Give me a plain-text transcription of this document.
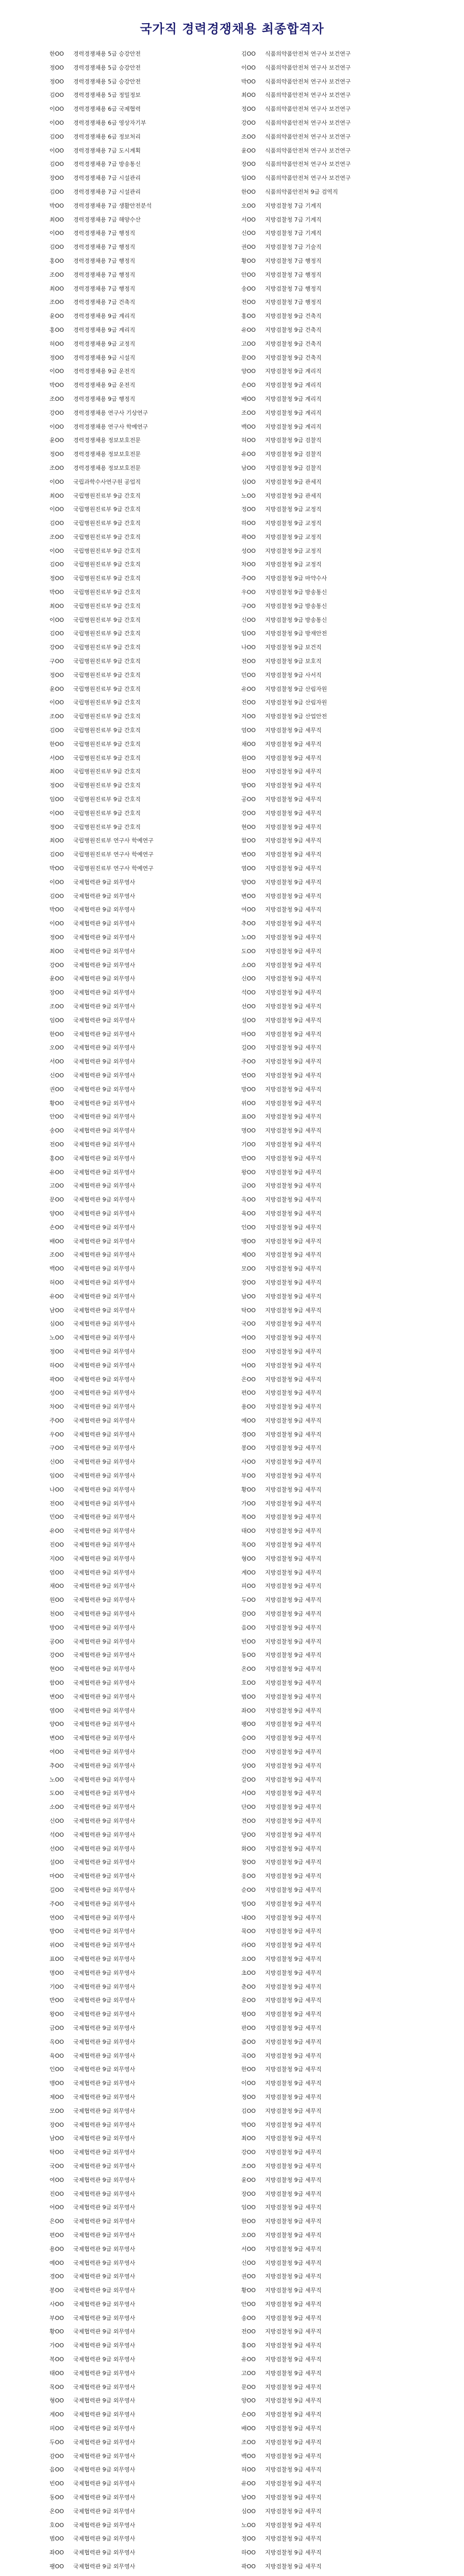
국가직 경력경쟁채용 최종합격자
한OO 경력경쟁채용 5급 승강안전
정OO 경력경쟁채용 5급 승강안전
정OO 경력경쟁채용 5급 승강안전
김OO 경력경쟁채용 5급 정밀정보
이OO 경력경쟁채용 6급 국제협력
이OO 경력경쟁채용 6급 영상자기부
김OO 경력경쟁채용 6급 정보처리
이OO 경력경쟁채용 7급 도시계획
김OO 경력경쟁채용 7급 방송통신
장OO 경력경쟁채용 7급 시설관리
김OO 경력경쟁채용 7급 시설관리
박OO 경력경쟁채용 7급 생활안전분석
최OO 경력경쟁채용 7급 해양수산
이OO 경력경쟁채용 7급 행정직
김OO 경력경쟁채용 7급 행정직
홍OO 경력경쟁채용 7급 행정직
조OO 경력경쟁채용 7급 행정직
최OO 경력경쟁채용 7급 행정직
조OO 경력경쟁채용 7급 건축직
윤OO 경력경쟁채용 9급 계리직
홍OO 경력경쟁채용 9급 계리직
허OO 경력경쟁채용 9급 교정직
정OO 경력경쟁채용 9급 시설직
이OO 경력경쟁채용 9급 운전직
박OO 경력경쟁채용 9급 운전직
조OO 경력경쟁채용 9급 행정직
강OO 경력경쟁채용 연구사 기상연구
이OO 경력경쟁채용 연구사 학예연구
윤OO 경력경쟁채용 정보보호전문
정OO 경력경쟁채용 정보보호전문
조OO 경력경쟁채용 정보보호전문
이OO 국립과학수사연구원 공업직
최OO 국립병원진료부 9급 간호직
이OO 국립병원진료부 9급 간호직
김OO 국립병원진료부 9급 간호직
조OO 국립병원진료부 9급 간호직
이OO 국립병원진료부 9급 간호직
김OO 국립병원진료부 9급 간호직
정OO 국립병원진료부 9급 간호직
박OO 국립병원진료부 9급 간호직
최OO 국립병원진료부 9급 간호직
이OO 국립병원진료부 9급 간호직
김OO 국립병원진료부 9급 간호직
강OO 국립병원진료부 9급 간호직
구OO 국립병원진료부 9급 간호직
정OO 국립병원진료부 9급 간호직
윤OO 국립병원진료부 9급 간호직
이OO 국립병원진료부 9급 간호직
조OO 국립병원진료부 9급 간호직
김OO 국립병원진료부 9급 간호직
한OO 국립병원진료부 9급 간호직
서OO 국립병원진료부 9급 간호직
최OO 국립병원진료부 9급 간호직
정OO 국립병원진료부 9급 간호직
임OO 국립병원진료부 9급 간호직
이OO 국립병원진료부 9급 간호직
정OO 국립병원진료부 9급 간호직
최OO 국립병원진료부 연구사 학예연구
김OO 국립병원진료부 연구사 학예연구
박OO 국립병원진료부 연구사 학예연구
이OO 국제협력관 9급 외무영사
김OO 국제협력관 9급 외무영사
박OO 국제협력관 9급 외무영사
이OO 국제협력관 9급 외무영사
정OO 국제협력관 9급 외무영사
최OO 국제협력관 9급 외무영사
강OO 국제협력관 9급 외무영사
윤OO 국제협력관 9급 외무영사
장OO 국제협력관 9급 외무영사
조OO 국제협력관 9급 외무영사
임OO 국제협력관 9급 외무영사
한OO 국제협력관 9급 외무영사
오OO 국제협력관 9급 외무영사
서OO 국제협력관 9급 외무영사
신OO 국제협력관 9급 외무영사
권OO 국제협력관 9급 외무영사
황OO 국제협력관 9급 외무영사
안OO 국제협력관 9급 외무영사
송OO 국제협력관 9급 외무영사
전OO 국제협력관 9급 외무영사
홍OO 국제협력관 9급 외무영사
유OO 국제협력관 9급 외무영사
고OO 국제협력관 9급 외무영사
문OO 국제협력관 9급 외무영사
양OO 국제협력관 9급 외무영사
손OO 국제협력관 9급 외무영사
배OO 국제협력관 9급 외무영사
조OO 국제협력관 9급 외무영사
백OO 국제협력관 9급 외무영사
허OO 국제협력관 9급 외무영사
유OO 국제협력관 9급 외무영사
남OO 국제협력관 9급 외무영사
심OO 국제협력관 9급 외무영사
노OO 국제협력관 9급 외무영사
정OO 국제협력관 9급 외무영사
하OO 국제협력관 9급 외무영사
곽OO 국제협력관 9급 외무영사
성OO 국제협력관 9급 외무영사
차OO 국제협력관 9급 외무영사
주OO 국제협력관 9급 외무영사
우OO 국제협력관 9급 외무영사
구OO 국제협력관 9급 외무영사
신OO 국제협력관 9급 외무영사
임OO 국제협력관 9급 외무영사
나OO 국제협력관 9급 외무영사
전OO 국제협력관 9급 외무영사
민OO 국제협력관 9급 외무영사
유OO 국제협력관 9급 외무영사
진OO 국제협력관 9급 외무영사
지OO 국제협력관 9급 외무영사
엄OO 국제협력관 9급 외무영사
채OO 국제협력관 9급 외무영사
원OO 국제협력관 9급 외무영사
천OO 국제협력관 9급 외무영사
방OO 국제협력관 9급 외무영사
공OO 국제협력관 9급 외무영사
강OO 국제협력관 9급 외무영사
현OO 국제협력관 9급 외무영사
함OO 국제협력관 9급 외무영사
변OO 국제협력관 9급 외무영사
염OO 국제협력관 9급 외무영사
양OO 국제협력관 9급 외무영사
변OO 국제협력관 9급 외무영사
여OO 국제협력관 9급 외무영사
추OO 국제협력관 9급 외무영사
노OO 국제협력관 9급 외무영사
도OO 국제협력관 9급 외무영사
소OO 국제협력관 9급 외무영사
신OO 국제협력관 9급 외무영사
석OO 국제협력관 9급 외무영사
선OO 국제협력관 9급 외무영사
설OO 국제협력관 9급 외무영사
마OO 국제협력관 9급 외무영사
길OO 국제협력관 9급 외무영사
주OO 국제협력관 9급 외무영사
연OO 국제협력관 9급 외무영사
방OO 국제협력관 9급 외무영사
위OO 국제협력관 9급 외무영사
표OO 국제협력관 9급 외무영사
명OO 국제협력관 9급 외무영사
기OO 국제협력관 9급 외무영사
반OO 국제협력관 9급 외무영사
왕OO 국제협력관 9급 외무영사
금OO 국제협력관 9급 외무영사
옥OO 국제협력관 9급 외무영사
육OO 국제협력관 9급 외무영사
인OO 국제협력관 9급 외무영사
맹OO 국제협력관 9급 외무영사
제OO 국제협력관 9급 외무영사
모OO 국제협력관 9급 외무영사
장OO 국제협력관 9급 외무영사
남OO 국제협력관 9급 외무영사
탁OO 국제협력관 9급 외무영사
국OO 국제협력관 9급 외무영사
여OO 국제협력관 9급 외무영사
진OO 국제협력관 9급 외무영사
어OO 국제협력관 9급 외무영사
은OO 국제협력관 9급 외무영사
편OO 국제협력관 9급 외무영사
용OO 국제협력관 9급 외무영사
예OO 국제협력관 9급 외무영사
경OO 국제협력관 9급 외무영사
봉OO 국제협력관 9급 외무영사
사OO 국제협력관 9급 외무영사
부OO 국제협력관 9급 외무영사
황OO 국제협력관 9급 외무영사
가OO 국제협력관 9급 외무영사
복OO 국제협력관 9급 외무영사
태OO 국제협력관 9급 외무영사
목OO 국제협력관 9급 외무영사
형OO 국제협력관 9급 외무영사
계OO 국제협력관 9급 외무영사
피OO 국제협력관 9급 외무영사
두OO 국제협력관 9급 외무영사
감OO 국제협력관 9급 외무영사
음OO 국제협력관 9급 외무영사
빈OO 국제협력관 9급 외무영사
동OO 국제협력관 9급 외무영사
온OO 국제협력관 9급 외무영사
호OO 국제협력관 9급 외무영사
범OO 국제협력관 9급 외무영사
좌OO 국제협력관 9급 외무영사
팽OO 국제협력관 9급 외무영사
김OO 식품의약품안전처 연구사 보건연구
이OO 식품의약품안전처 연구사 보건연구
박OO 식품의약품안전처 연구사 보건연구
최OO 식품의약품안전처 연구사 보건연구
정OO 식품의약품안전처 연구사 보건연구
강OO 식품의약품안전처 연구사 보건연구
조OO 식품의약품안전처 연구사 보건연구
윤OO 식품의약품안전처 연구사 보건연구
장OO 식품의약품안전처 연구사 보건연구
임OO 식품의약품안전처 연구사 보건연구
한OO 식품의약품안전처 9급 검역직
오OO 지방검찰청 7급 기계직
서OO 지방검찰청 7급 기계직
신OO 지방검찰청 7급 기계직
권OO 지방검찰청 7급 기술직
황OO 지방검찰청 7급 행정직
안OO 지방검찰청 7급 행정직
송OO 지방검찰청 7급 행정직
전OO 지방검찰청 7급 행정직
홍OO 지방검찰청 9급 건축직
유OO 지방검찰청 9급 건축직
고OO 지방검찰청 9급 건축직
문OO 지방검찰청 9급 건축직
양OO 지방검찰청 9급 계리직
손OO 지방검찰청 9급 계리직
배OO 지방검찰청 9급 계리직
조OO 지방검찰청 9급 계리직
백OO 지방검찰청 9급 계리직
허OO 지방검찰청 9급 검찰직
유OO 지방검찰청 9급 검찰직
남OO 지방검찰청 9급 검찰직
심OO 지방검찰청 9급 관세직
노OO 지방검찰청 9급 관세직
정OO 지방검찰청 9급 교정직
하OO 지방검찰청 9급 교정직
곽OO 지방검찰청 9급 교정직
성OO 지방검찰청 9급 교정직
차OO 지방검찰청 9급 교정직
주OO 지방검찰청 9급 마약수사
우OO 지방검찰청 9급 방송통신
구OO 지방검찰청 9급 방송통신
신OO 지방검찰청 9급 방송통신
임OO 지방검찰청 9급 방재안전
나OO 지방검찰청 9급 보건직
전OO 지방검찰청 9급 보호직
민OO 지방검찰청 9급 사서직
유OO 지방검찰청 9급 산림자원
진OO 지방검찰청 9급 산림자원
지OO 지방검찰청 9급 산업안전
엄OO 지방검찰청 9급 세무직
채OO 지방검찰청 9급 세무직
원OO 지방검찰청 9급 세무직
천OO 지방검찰청 9급 세무직
방OO 지방검찰청 9급 세무직
공OO 지방검찰청 9급 세무직
강OO 지방검찰청 9급 세무직
현OO 지방검찰청 9급 세무직
함OO 지방검찰청 9급 세무직
변OO 지방검찰청 9급 세무직
염OO 지방검찰청 9급 세무직
양OO 지방검찰청 9급 세무직
변OO 지방검찰청 9급 세무직
여OO 지방검찰청 9급 세무직
추OO 지방검찰청 9급 세무직
노OO 지방검찰청 9급 세무직
도OO 지방검찰청 9급 세무직
소OO 지방검찰청 9급 세무직
신OO 지방검찰청 9급 세무직
석OO 지방검찰청 9급 세무직
선OO 지방검찰청 9급 세무직
설OO 지방검찰청 9급 세무직
마OO 지방검찰청 9급 세무직
길OO 지방검찰청 9급 세무직
주OO 지방검찰청 9급 세무직
연OO 지방검찰청 9급 세무직
방OO 지방검찰청 9급 세무직
위OO 지방검찰청 9급 세무직
표OO 지방검찰청 9급 세무직
명OO 지방검찰청 9급 세무직
기OO 지방검찰청 9급 세무직
반OO 지방검찰청 9급 세무직
왕OO 지방검찰청 9급 세무직
금OO 지방검찰청 9급 세무직
옥OO 지방검찰청 9급 세무직
육OO 지방검찰청 9급 세무직
인OO 지방검찰청 9급 세무직
맹OO 지방검찰청 9급 세무직
제OO 지방검찰청 9급 세무직
모OO 지방검찰청 9급 세무직
장OO 지방검찰청 9급 세무직
남OO 지방검찰청 9급 세무직
탁OO 지방검찰청 9급 세무직
국OO 지방검찰청 9급 세무직
여OO 지방검찰청 9급 세무직
진OO 지방검찰청 9급 세무직
어OO 지방검찰청 9급 세무직
은OO 지방검찰청 9급 세무직
편OO 지방검찰청 9급 세무직
용OO 지방검찰청 9급 세무직
예OO 지방검찰청 9급 세무직
경OO 지방검찰청 9급 세무직
봉OO 지방검찰청 9급 세무직
사OO 지방검찰청 9급 세무직
부OO 지방검찰청 9급 세무직
황OO 지방검찰청 9급 세무직
가OO 지방검찰청 9급 세무직
복OO 지방검찰청 9급 세무직
태OO 지방검찰청 9급 세무직
목OO 지방검찰청 9급 세무직
형OO 지방검찰청 9급 세무직
계OO 지방검찰청 9급 세무직
피OO 지방검찰청 9급 세무직
두OO 지방검찰청 9급 세무직
감OO 지방검찰청 9급 세무직
음OO 지방검찰청 9급 세무직
빈OO 지방검찰청 9급 세무직
동OO 지방검찰청 9급 세무직
온OO 지방검찰청 9급 세무직
호OO 지방검찰청 9급 세무직
범OO 지방검찰청 9급 세무직
좌OO 지방검찰청 9급 세무직
팽OO 지방검찰청 9급 세무직
승OO 지방검찰청 9급 세무직
간OO 지방검찰청 9급 세무직
상OO 지방검찰청 9급 세무직
갈OO 지방검찰청 9급 세무직
서OO 지방검찰청 9급 세무직
단OO 지방검찰청 9급 세무직
견OO 지방검찰청 9급 세무직
당OO 지방검찰청 9급 세무직
화OO 지방검찰청 9급 세무직
창OO 지방검찰청 9급 세무직
옹OO 지방검찰청 9급 세무직
순OO 지방검찰청 9급 세무직
빙OO 지방검찰청 9급 세무직
내OO 지방검찰청 9급 세무직
묵OO 지방검찰청 9급 세무직
라OO 지방검찰청 9급 세무직
요OO 지방검찰청 9급 세무직
초OO 지방검찰청 9급 세무직
춘OO 지방검찰청 9급 세무직
운OO 지방검찰청 9급 세무직
평OO 지방검찰청 9급 세무직
판OO 지방검찰청 9급 세무직
즙OO 지방검찰청 9급 세무직
곡OO 지방검찰청 9급 세무직
한OO 지방검찰청 9급 세무직
이OO 지방검찰청 9급 세무직
정OO 지방검찰청 9급 세무직
김OO 지방검찰청 9급 세무직
박OO 지방검찰청 9급 세무직
최OO 지방검찰청 9급 세무직
강OO 지방검찰청 9급 세무직
조OO 지방검찰청 9급 세무직
윤OO 지방검찰청 9급 세무직
장OO 지방검찰청 9급 세무직
임OO 지방검찰청 9급 세무직
한OO 지방검찰청 9급 세무직
오OO 지방검찰청 9급 세무직
서OO 지방검찰청 9급 세무직
신OO 지방검찰청 9급 세무직
권OO 지방검찰청 9급 세무직
황OO 지방검찰청 9급 세무직
안OO 지방검찰청 9급 세무직
송OO 지방검찰청 9급 세무직
전OO 지방검찰청 9급 세무직
홍OO 지방검찰청 9급 세무직
유OO 지방검찰청 9급 세무직
고OO 지방검찰청 9급 세무직
문OO 지방검찰청 9급 세무직
양OO 지방검찰청 9급 세무직
손OO 지방검찰청 9급 세무직
배OO 지방검찰청 9급 세무직
조OO 지방검찰청 9급 세무직
백OO 지방검찰청 9급 세무직
허OO 지방검찰청 9급 세무직
유OO 지방검찰청 9급 세무직
남OO 지방검찰청 9급 세무직
심OO 지방검찰청 9급 세무직
노OO 지방검찰청 9급 세무직
정OO 지방검찰청 9급 세무직
하OO 지방검찰청 9급 세무직
곽OO 지방검찰청 9급 세무직
